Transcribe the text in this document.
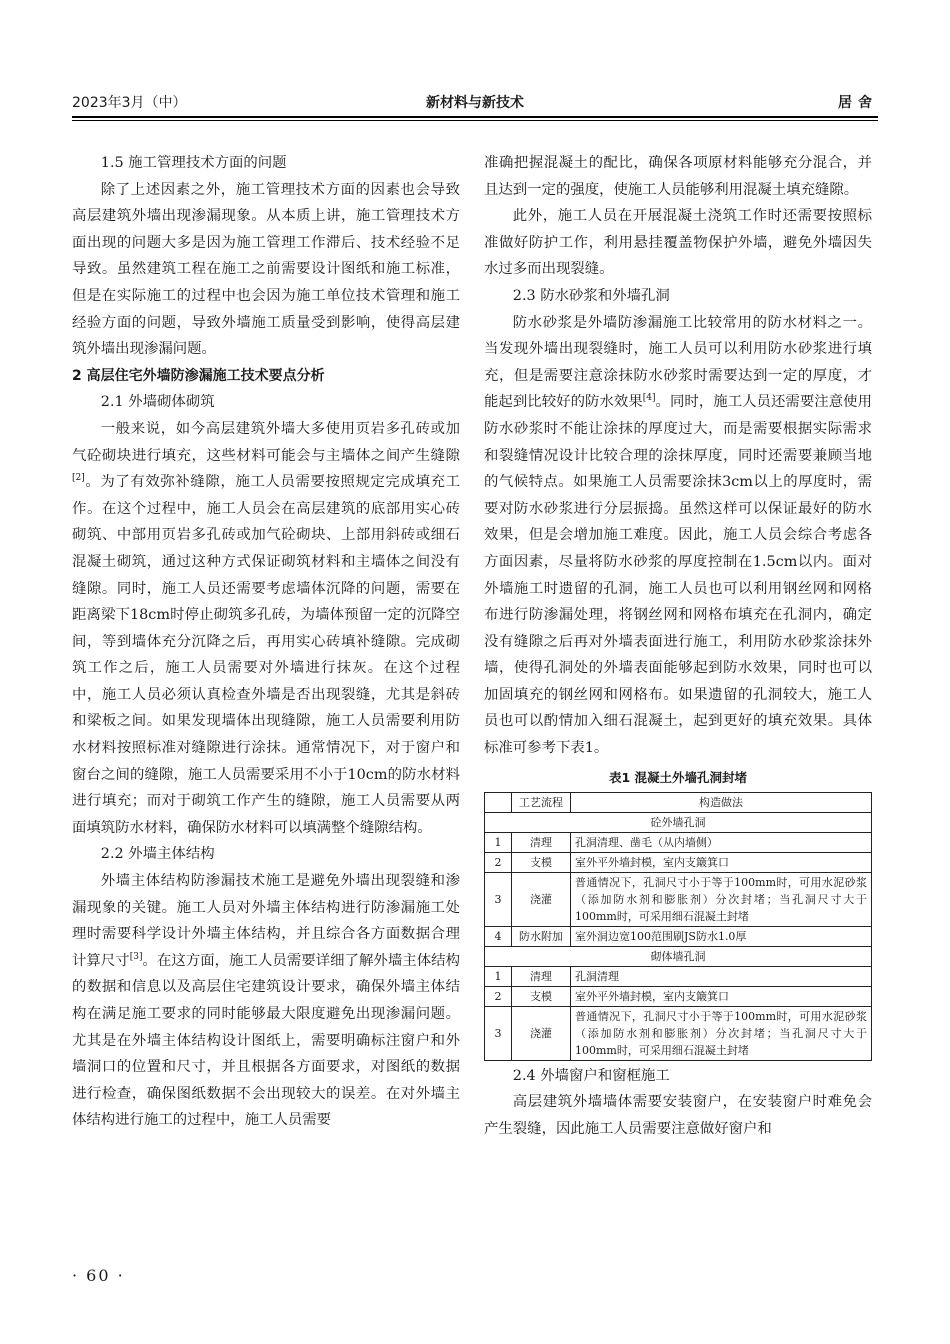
2023年3月（中）	新材料与新技术	居舍

1.5 施工管理技术方面的问题

除了上述因素之外，施工管理技术方面的因素也会导致高层建筑外墙出现渗漏现象。从本质上讲，施工管理技术方面出现的问题大多是因为施工管理工作滞后、技术经验不足导致。虽然建筑工程在施工之前需要设计图纸和施工标准，但是在实际施工的过程中也会因为施工单位技术管理和施工经验方面的问题，导致外墙施工质量受到影响，使得高层建筑外墙出现渗漏问题。

2 高层住宅外墙防渗漏施工技术要点分析

2.1 外墙砌体砌筑

一般来说，如今高层建筑外墙大多使用页岩多孔砖或加气砼砌块进行填充，这些材料可能会与主墙体之间产生缝隙[2]。为了有效弥补缝隙，施工人员需要按照规定完成填充工作。在这个过程中，施工人员会在高层建筑的底部用实心砖砌筑、中部用页岩多孔砖或加气砼砌块、上部用斜砖或细石混凝土砌筑，通过这种方式保证砌筑材料和主墙体之间没有缝隙。同时，施工人员还需要考虑墙体沉降的问题，需要在距离梁下18cm时停止砌筑多孔砖，为墙体预留一定的沉降空间，等到墙体充分沉降之后，再用实心砖填补缝隙。完成砌筑工作之后，施工人员需要对外墙进行抹灰。在这个过程中，施工人员必须认真检查外墙是否出现裂缝，尤其是斜砖和梁板之间。如果发现墙体出现缝隙，施工人员需要利用防水材料按照标准对缝隙进行涂抹。通常情况下，对于窗户和窗台之间的缝隙，施工人员需要采用不小于10cm的防水材料进行填充；而对于砌筑工作产生的缝隙，施工人员需要从两面填筑防水材料，确保防水材料可以填满整个缝隙结构。

2.2 外墙主体结构

外墙主体结构防渗漏技术施工是避免外墙出现裂缝和渗漏现象的关键。施工人员对外墙主体结构进行防渗漏施工处理时需要科学设计外墙主体结构，并且综合各方面数据合理计算尺寸[3]。在这方面，施工人员需要详细了解外墙主体结构的数据和信息以及高层住宅建筑设计要求，确保外墙主体结构在满足施工要求的同时能够最大限度避免出现渗漏问题。尤其是在外墙主体结构设计图纸上，需要明确标注窗户和外墙洞口的位置和尺寸，并且根据各方面要求，对图纸的数据进行检查，确保图纸数据不会出现较大的误差。在对外墙主体结构进行施工的过程中，施工人员需要

准确把握混凝土的配比，确保各项原材料能够充分混合，并且达到一定的强度，使施工人员能够利用混凝土填充缝隙。

此外，施工人员在开展混凝土浇筑工作时还需要按照标准做好防护工作，利用悬挂覆盖物保护外墙，避免外墙因失水过多而出现裂缝。

2.3 防水砂浆和外墙孔洞

防水砂浆是外墙防渗漏施工比较常用的防水材料之一。当发现外墙出现裂缝时，施工人员可以利用防水砂浆进行填充，但是需要注意涂抹防水砂浆时需要达到一定的厚度，才能起到比较好的防水效果[4]。同时，施工人员还需要注意使用防水砂浆时不能让涂抹的厚度过大，而是需要根据实际需求和裂缝情况设计比较合理的涂抹厚度，同时还需要兼顾当地的气候特点。如果施工人员需要涂抹3cm以上的厚度时，需要对防水砂浆进行分层振捣。虽然这样可以保证最好的防水效果，但是会增加施工难度。因此，施工人员会综合考虑各方面因素，尽量将防水砂浆的厚度控制在1.5cm以内。面对外墙施工时遗留的孔洞，施工人员也可以利用钢丝网和网格布进行防渗漏处理，将钢丝网和网格布填充在孔洞内，确定没有缝隙之后再对外墙表面进行施工，利用防水砂浆涂抹外墙，使得孔洞处的外墙表面能够起到防水效果，同时也可以加固填充的钢丝网和网格布。如果遗留的孔洞较大，施工人员也可以酌情加入细石混凝土，起到更好的填充效果。具体标准可参考下表1。

表1 混凝土外墙孔洞封堵
	工艺流程	构造做法
砼外墙孔洞		
1	清理	孔洞清理、凿毛（从内墙侧）
2	支模	室外平外墙封模，室内支簸箕口
3	浇灌	普通情况下，孔洞尺寸小于等于100mm时，可用水泥砂浆（添加防水剂和膨胀剂）分次封堵；当孔洞尺寸大于100mm时，可采用细石混凝土封堵
4	防水附加	室外洞边宽100范围刷JS防水1.0厚
砌体墙孔洞		
1	清理	孔洞清理
2	支模	室外平外墙封模，室内支簸箕口
3	浇灌	普通情况下，孔洞尺寸小于等于100mm时，可用水泥砂浆（添加防水剂和膨胀剂）分次封堵；当孔洞尺寸大于100mm时，可采用细石混凝土封堵

2.4 外墙窗户和窗框施工

高层建筑外墙墙体需要安装窗户，在安装窗户时难免会产生裂缝，因此施工人员需要注意做好窗户和

· 60 ·
